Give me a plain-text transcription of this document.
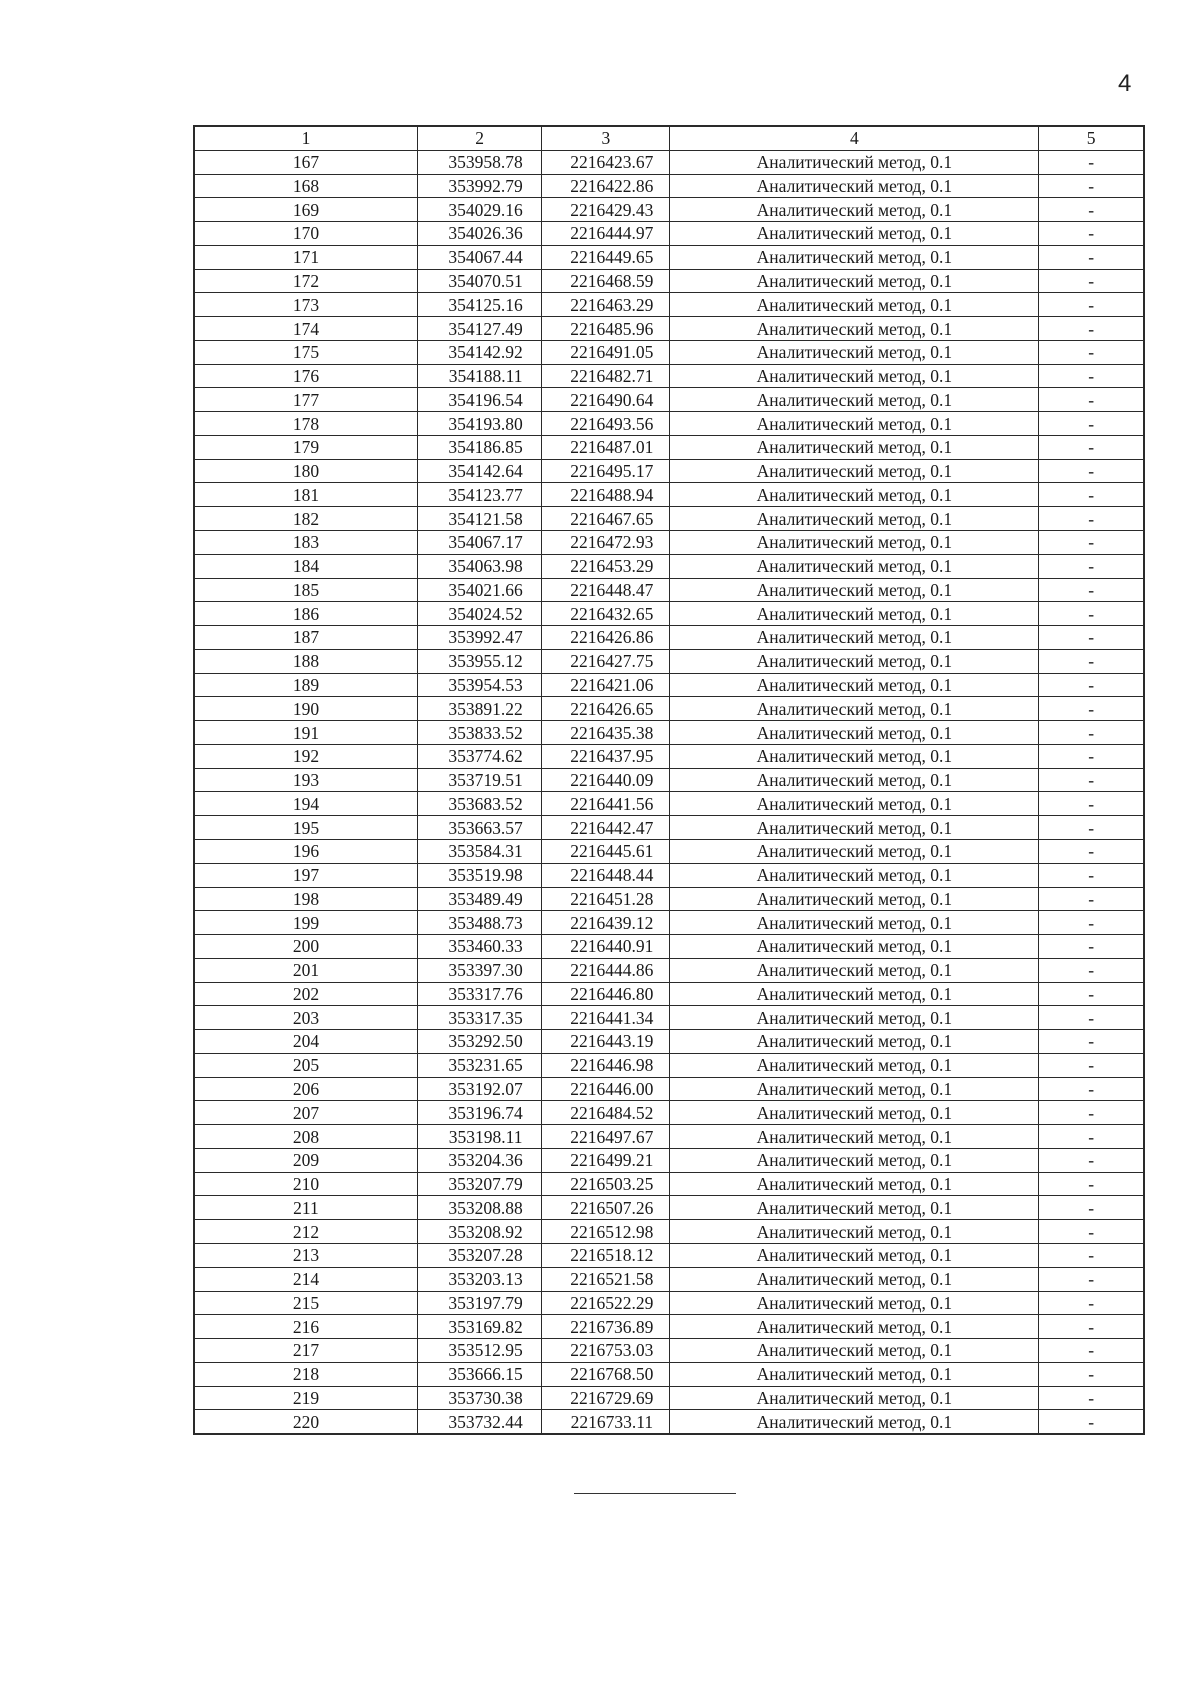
4
1	2	3	4	5
167	353958.78	2216423.67	Аналитический метод, 0.1	-
168	353992.79	2216422.86	Аналитический метод, 0.1	-
169	354029.16	2216429.43	Аналитический метод, 0.1	-
170	354026.36	2216444.97	Аналитический метод, 0.1	-
171	354067.44	2216449.65	Аналитический метод, 0.1	-
172	354070.51	2216468.59	Аналитический метод, 0.1	-
173	354125.16	2216463.29	Аналитический метод, 0.1	-
174	354127.49	2216485.96	Аналитический метод, 0.1	-
175	354142.92	2216491.05	Аналитический метод, 0.1	-
176	354188.11	2216482.71	Аналитический метод, 0.1	-
177	354196.54	2216490.64	Аналитический метод, 0.1	-
178	354193.80	2216493.56	Аналитический метод, 0.1	-
179	354186.85	2216487.01	Аналитический метод, 0.1	-
180	354142.64	2216495.17	Аналитический метод, 0.1	-
181	354123.77	2216488.94	Аналитический метод, 0.1	-
182	354121.58	2216467.65	Аналитический метод, 0.1	-
183	354067.17	2216472.93	Аналитический метод, 0.1	-
184	354063.98	2216453.29	Аналитический метод, 0.1	-
185	354021.66	2216448.47	Аналитический метод, 0.1	-
186	354024.52	2216432.65	Аналитический метод, 0.1	-
187	353992.47	2216426.86	Аналитический метод, 0.1	-
188	353955.12	2216427.75	Аналитический метод, 0.1	-
189	353954.53	2216421.06	Аналитический метод, 0.1	-
190	353891.22	2216426.65	Аналитический метод, 0.1	-
191	353833.52	2216435.38	Аналитический метод, 0.1	-
192	353774.62	2216437.95	Аналитический метод, 0.1	-
193	353719.51	2216440.09	Аналитический метод, 0.1	-
194	353683.52	2216441.56	Аналитический метод, 0.1	-
195	353663.57	2216442.47	Аналитический метод, 0.1	-
196	353584.31	2216445.61	Аналитический метод, 0.1	-
197	353519.98	2216448.44	Аналитический метод, 0.1	-
198	353489.49	2216451.28	Аналитический метод, 0.1	-
199	353488.73	2216439.12	Аналитический метод, 0.1	-
200	353460.33	2216440.91	Аналитический метод, 0.1	-
201	353397.30	2216444.86	Аналитический метод, 0.1	-
202	353317.76	2216446.80	Аналитический метод, 0.1	-
203	353317.35	2216441.34	Аналитический метод, 0.1	-
204	353292.50	2216443.19	Аналитический метод, 0.1	-
205	353231.65	2216446.98	Аналитический метод, 0.1	-
206	353192.07	2216446.00	Аналитический метод, 0.1	-
207	353196.74	2216484.52	Аналитический метод, 0.1	-
208	353198.11	2216497.67	Аналитический метод, 0.1	-
209	353204.36	2216499.21	Аналитический метод, 0.1	-
210	353207.79	2216503.25	Аналитический метод, 0.1	-
211	353208.88	2216507.26	Аналитический метод, 0.1	-
212	353208.92	2216512.98	Аналитический метод, 0.1	-
213	353207.28	2216518.12	Аналитический метод, 0.1	-
214	353203.13	2216521.58	Аналитический метод, 0.1	-
215	353197.79	2216522.29	Аналитический метод, 0.1	-
216	353169.82	2216736.89	Аналитический метод, 0.1	-
217	353512.95	2216753.03	Аналитический метод, 0.1	-
218	353666.15	2216768.50	Аналитический метод, 0.1	-
219	353730.38	2216729.69	Аналитический метод, 0.1	-
220	353732.44	2216733.11	Аналитический метод, 0.1	-
